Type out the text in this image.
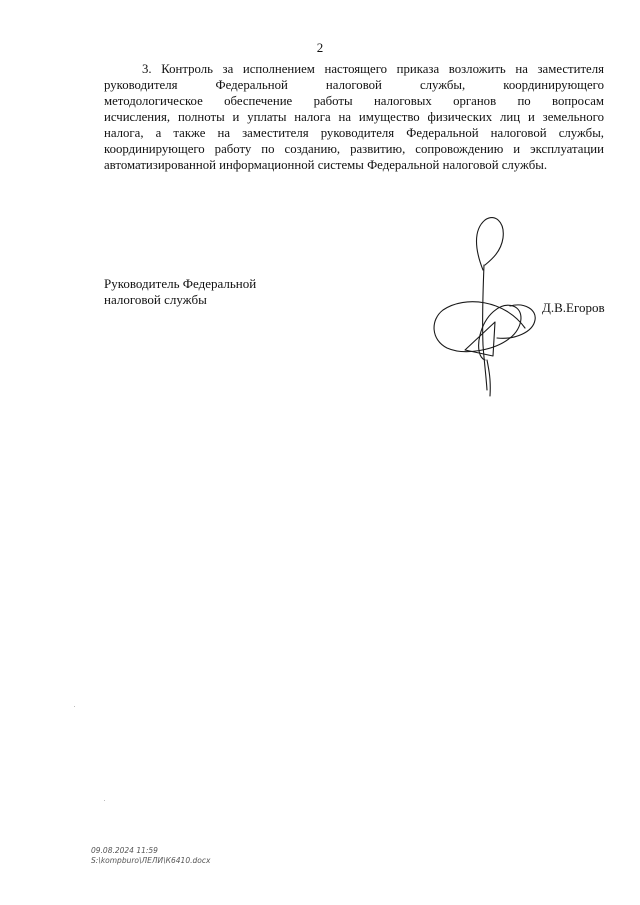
2
3. Контроль за исполнением настоящего приказа возложить на заместителя
руководителя Федеральной налоговой службы, координирующего
методологическое обеспечение работы налоговых органов по вопросам
исчисления, полноты и уплаты налога на имущество физических лиц и земельного
налога, а также на заместителя руководителя Федеральной налоговой службы,
координирующего работу по созданию, развитию, сопровождению и эксплуатации
автоматизированной информационной системы Федеральной налоговой службы.
Руководитель Федеральной
налоговой службы
Д.В.Егоров
09.08.2024 11:59
S:\kompburo\ЛЕЛИ\К6410.docx
